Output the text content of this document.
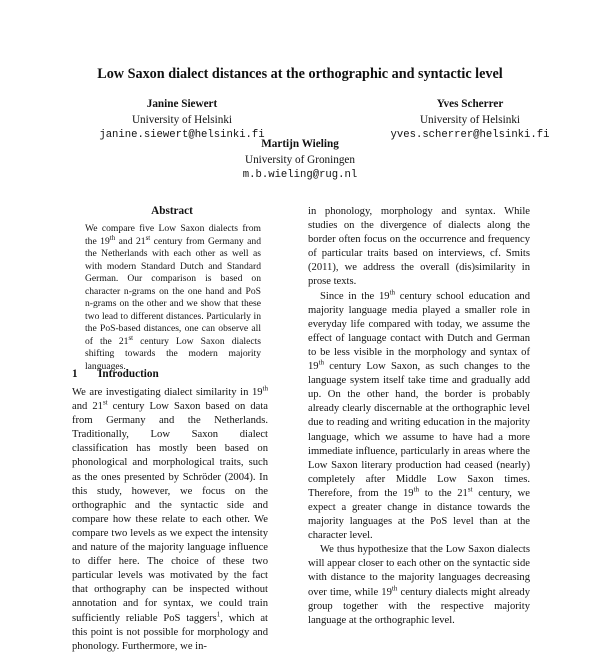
Low Saxon dialect distances at the orthographic and syntactic level
Janine Siewert
University of Helsinki
janine.siewert@helsinki.fi
Yves Scherrer
University of Helsinki
yves.scherrer@helsinki.fi
Martijn Wieling
University of Groningen
m.b.wieling@rug.nl
Abstract
We compare five Low Saxon dialects from the 19th and 21st century from Germany and the Netherlands with each other as well as with modern Standard Dutch and Standard German. Our comparison is based on character n-grams on the one hand and PoS n-grams on the other and we show that these two lead to different distances. Particularly in the PoS-based distances, one can observe all of the 21st century Low Saxon dialects shifting towards the modern majority languages.
1 Introduction

We are investigating dialect similarity in 19th and 21st century Low Saxon based on data from Germany and the Netherlands. Traditionally, Low Saxon dialect classification has mostly been based on phonological and morphological traits, such as the ones presented by Schröder (2004). In this study, however, we focus on the orthographic and the syntactic side and compare how these relate to each other. We compare two levels as we expect the intensity and nature of the majority language influence to differ here. The choice of these two particular levels was motivated by the fact that orthography can be inspected without annotation and for syntax, we could train sufficiently reliable PoS taggers$^1$, which at this point is not possible for morphology and phonology. Furthermore, we in-

in phonology, morphology and syntax. While studies on the divergence of dialects along the border often focus on the occurrence and frequency of particular traits based on interviews, cf. Smits (2011), we address the overall (dis)similarity in prose texts.

Since in the 19th century school education and majority language media played a smaller role in everyday life compared with today, we assume the effect of language contact with Dutch and German to be less visible in the morphology and syntax of 19th century Low Saxon, as such changes to the language system itself take time and gradually add up. On the other hand, the border is probably already clearly discernable at the orthographic level due to reading and writing education in the majority language, which we assume to have had a more immediate influence, particularly in areas where the Low Saxon literary production had ceased (nearly) completely after Middle Low Saxon times. Therefore, from the 19th to the 21st century, we expect a greater change in distance towards the majority languages at the PoS level than at the character level.

We thus hypothesize that the Low Saxon dialects will appear closer to each other on the syntactic side with distance to the majority languages decreasing over time, while 19th century dialects might already group together with the respective majority language at the orthographic level.
